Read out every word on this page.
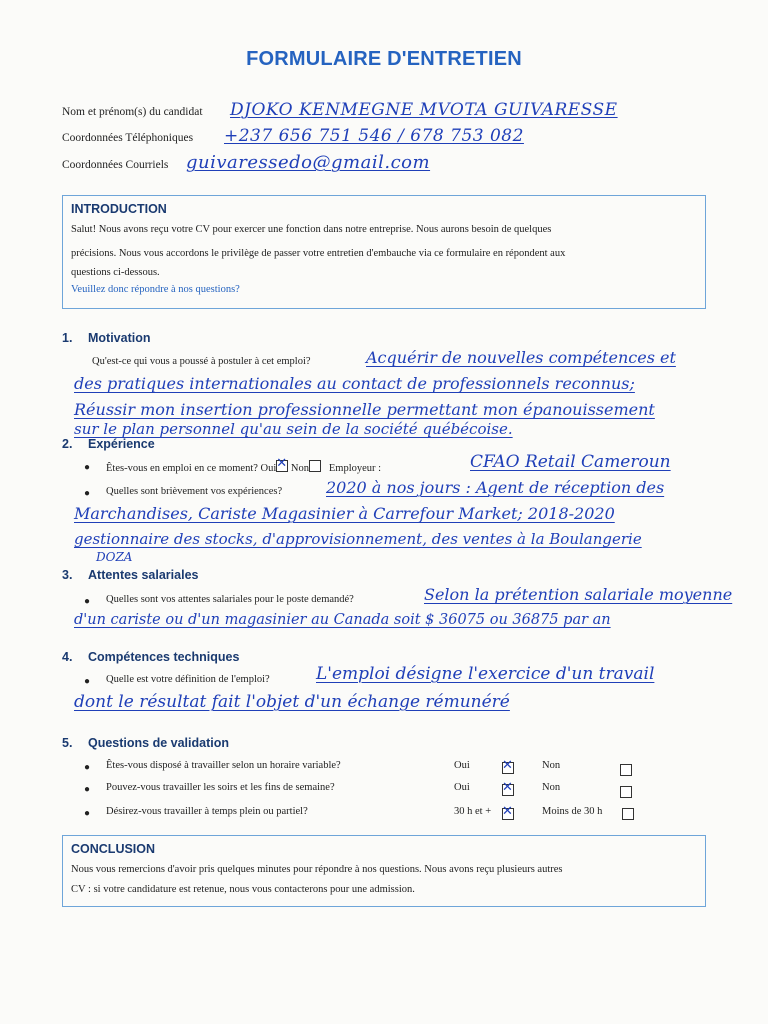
FORMULAIRE D'ENTRETIEN
Nom et prénom(s) du candidat DJOKO KENMEGNE MVOTA GUIVARESSE
Coordonnées Téléphoniques +237 656 751 546 / 678 753 082
Coordonnées Courriels guivaressedo@gmail.com
INTRODUCTION
Salut! Nous avons reçu votre CV pour exercer une fonction dans notre entreprise. Nous aurons besoin de quelques
précisions. Nous vous accordons le privilège de passer votre entretien d'embauche via ce formulaire en répondent aux
questions ci-dessous.
Veuillez donc répondre à nos questions?
1. Motivation
Qu'est-ce qui vous a poussé à postuler à cet emploi?	Acquérir de nouvelles compétences et
des pratiques internationales au contact de professionnels reconnus;
Réussir mon insertion professionnelle permettant mon épanouissement
sur le plan personnel qu'au sein de la société québécoise.
2. Expérience
● Êtes-vous en emploi en ce moment? Oui ✕ Non Employeur :	CFAO Retail Cameroun
● Quelles sont brièvement vos expériences?	2020 à nos jours : Agent de réception des
Marchandises, Cariste Magasinier à Carrefour Market; 2018-2020
gestionnaire des stocks, d'approvisionnement, des ventes à la Boulangerie
DOZA
3. Attentes salariales
● Quelles sont vos attentes salariales pour le poste demandé?	Selon la prétention salariale moyenne
d'un cariste ou d'un magasinier au Canada soit $ 36075 ou 36875 par an
4. Compétences techniques
● Quelle est votre définition de l'emploi?	L'emploi désigne l'exercice d'un travail
dont le résultat fait l'objet d'un échange rémunéré
5. Questions de validation
● Êtes-vous disposé à travailler selon un horaire variable?	Oui ✕	Non
● Pouvez-vous travailler les soirs et les fins de semaine?	Oui ✕	Non
● Désirez-vous travailler à temps plein ou partiel?	30 h et + ✕	Moins de 30 h
CONCLUSION
Nous vous remercions d'avoir pris quelques minutes pour répondre à nos questions. Nous avons reçu plusieurs autres
CV : si votre candidature est retenue, nous vous contacterons pour une admission.
